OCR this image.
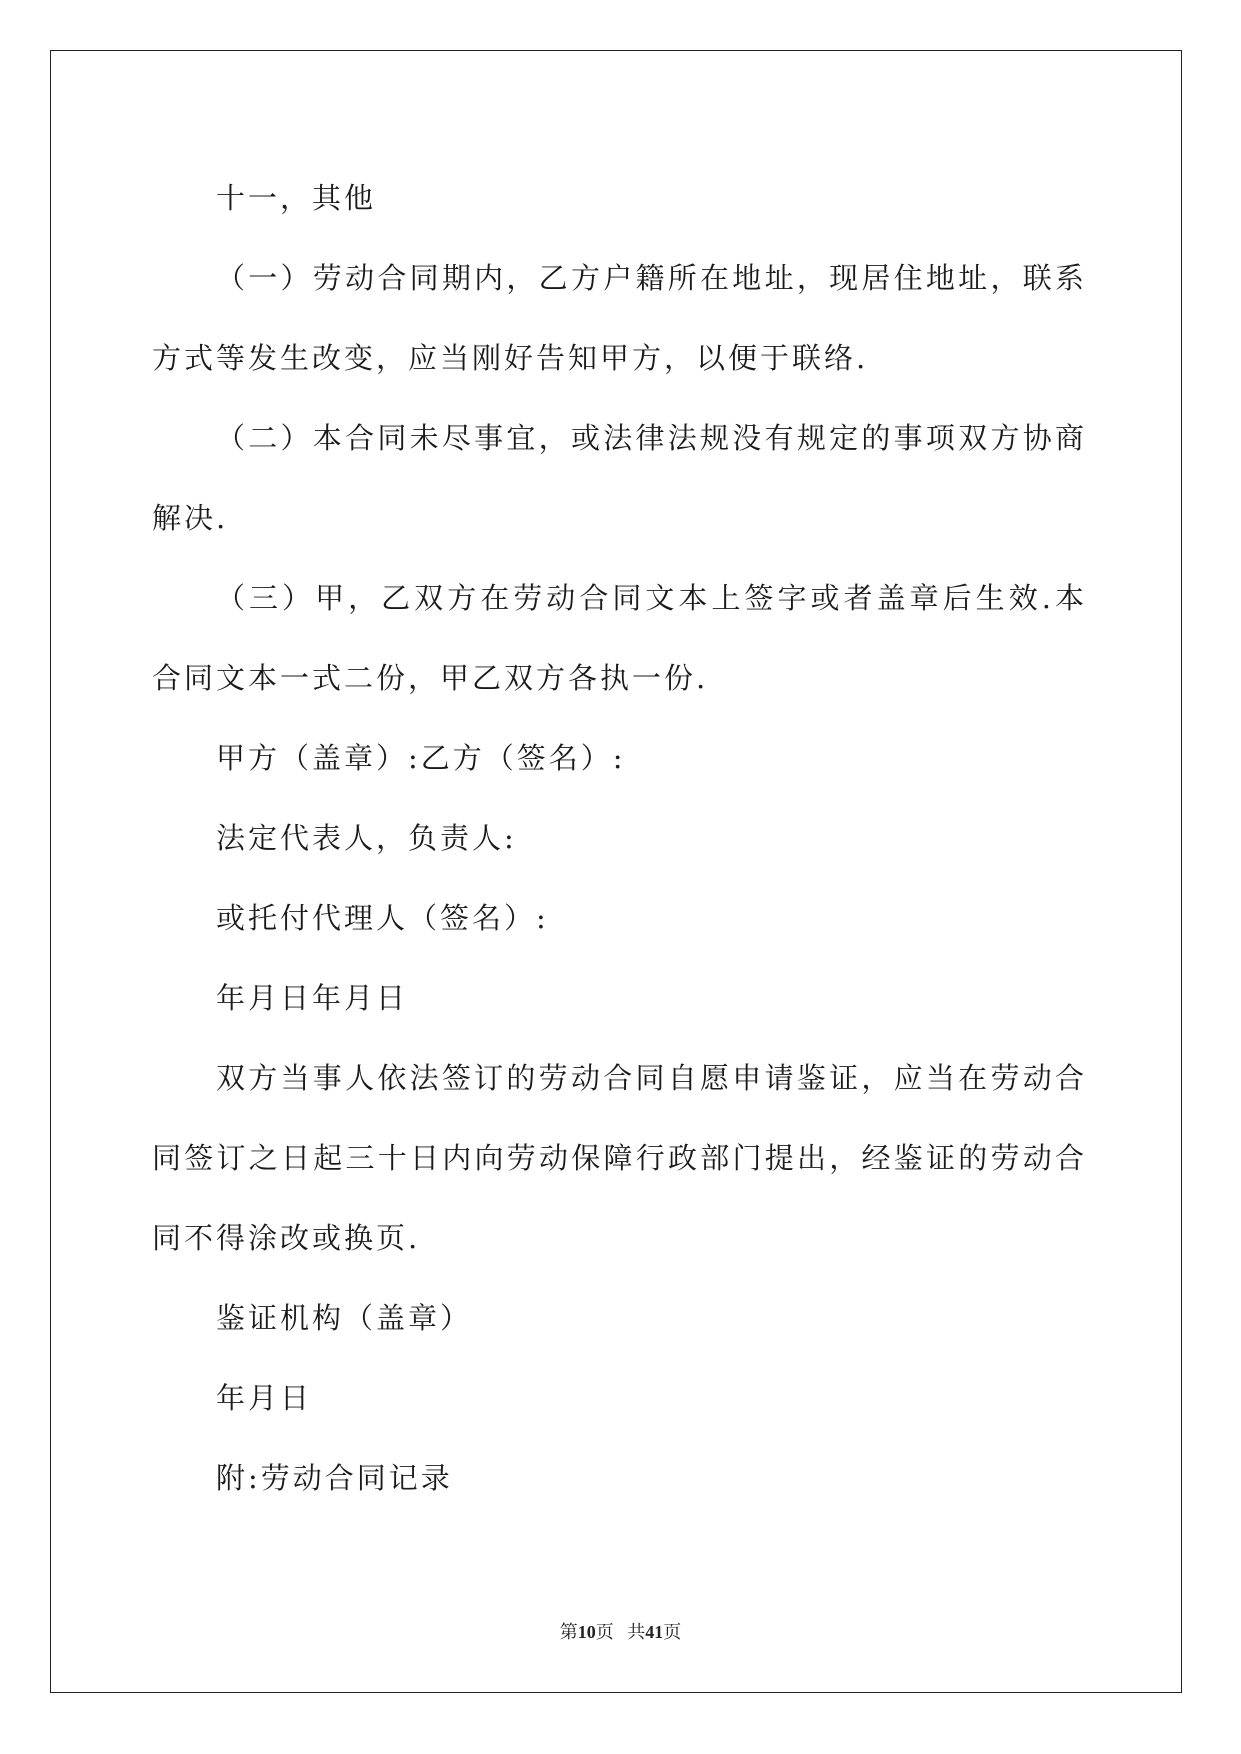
十一，其他

（一）劳动合同期内，乙方户籍所在地址，现居住地址，联系方式等发生改变，应当刚好告知甲方，以便于联络.

（二）本合同未尽事宜，或法律法规没有规定的事项双方协商解决.

（三）甲，乙双方在劳动合同文本上签字或者盖章后生效.本合同文本一式二份，甲乙双方各执一份.

甲方（盖章）:乙方（签名）:

法定代表人，负责人:

或托付代理人（签名）:

年月日年月日

双方当事人依法签订的劳动合同自愿申请鉴证，应当在劳动合同签订之日起三十日内向劳动保障行政部门提出，经鉴证的劳动合同不得涂改或换页.

鉴证机构（盖章）

年月日

附:劳动合同记录

第10页 共41页
